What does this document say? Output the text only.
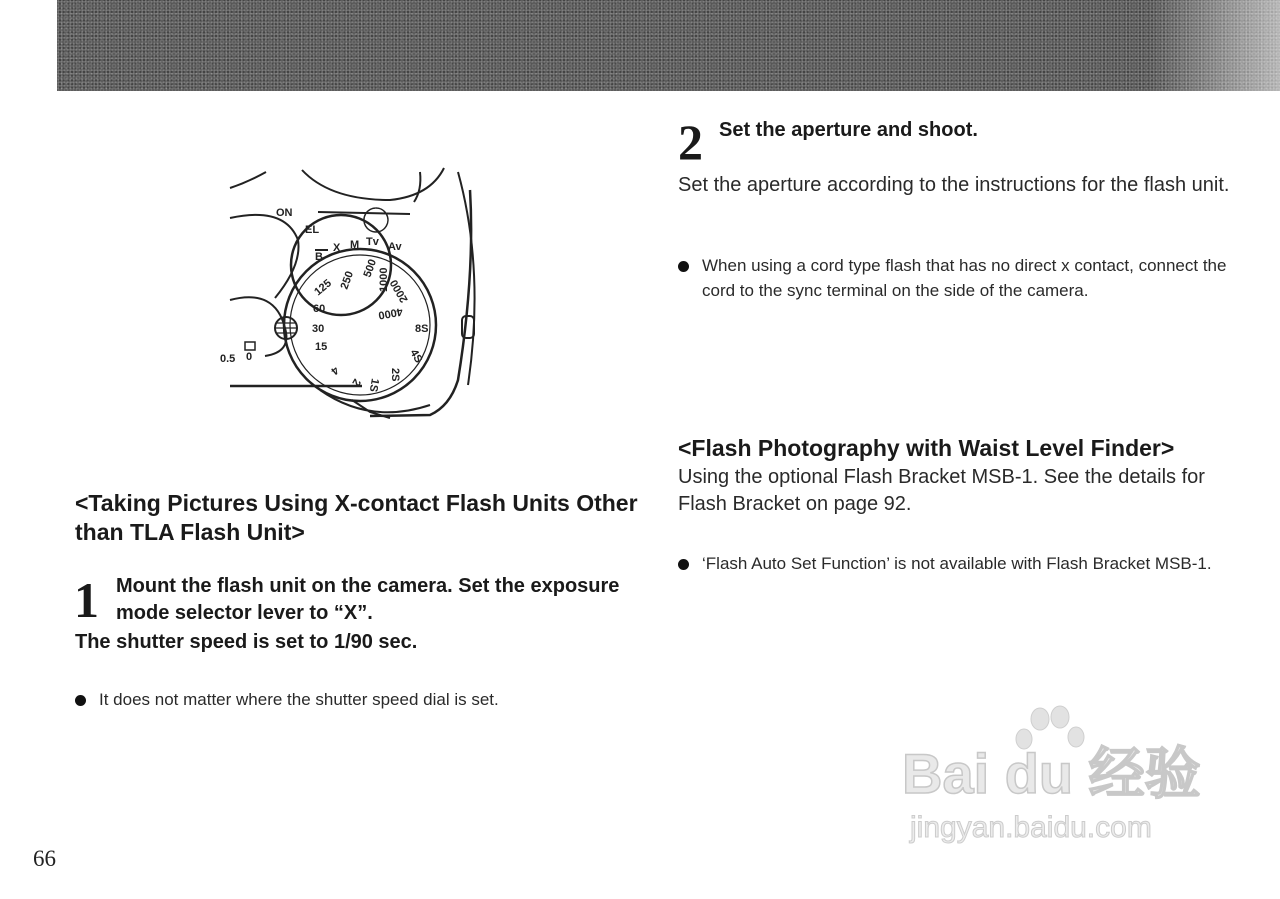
ON
EL
B
X M Tv Av
500
250 1000
2000
4000
125
60
30
15
8S
4S
2S
1S
2
4
0.5 0
<Taking Pictures Using X-contact Flash Units Other than TLA Flash Unit>
1 Mount the flash unit on the camera. Set the exposure mode selector lever to “X”.
The shutter speed is set to 1/90 sec.
It does not matter where the shutter speed dial is set.
2 Set the aperture and shoot.
Set the aperture according to the instructions for the flash unit.
When using a cord type flash that has no direct x contact, connect the cord to the sync terminal on the side of the camera.
<Flash Photography with Waist Level Finder>
Using the optional Flash Bracket MSB-1. See the details for Flash Bracket on page 92.
‘Flash Auto Set Function’ is not available with Flash Bracket MSB-1.
66
Bai du 经验
jingyan.baidu.com
